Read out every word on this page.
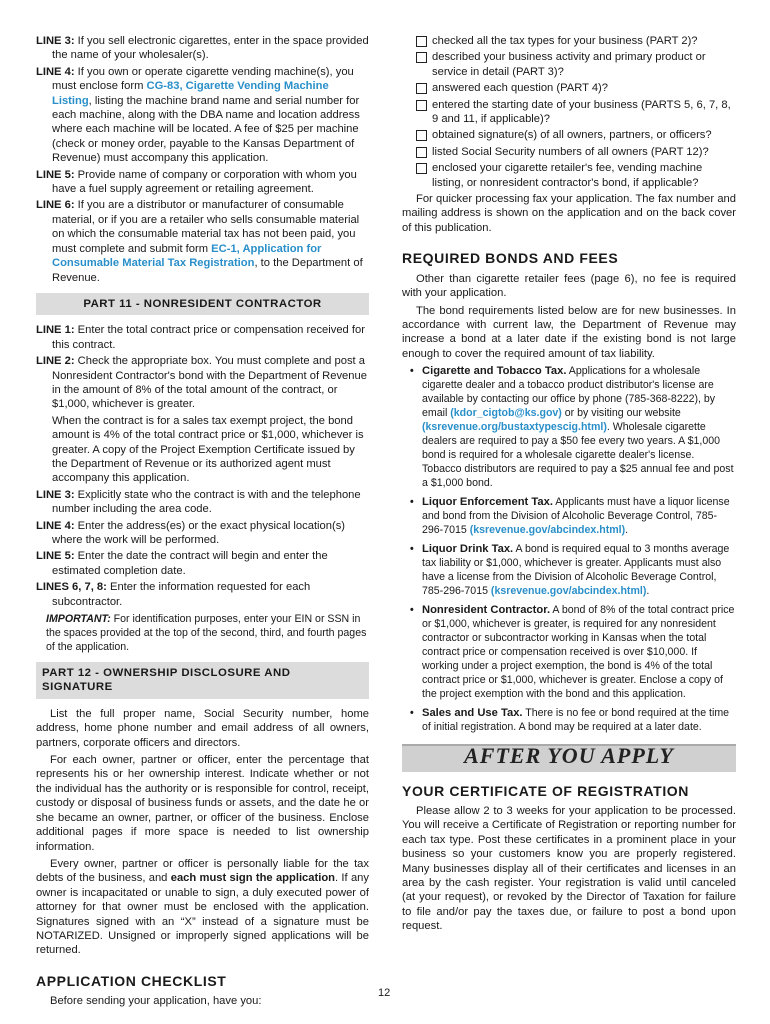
LINE 3: If you sell electronic cigarettes, enter in the space provided the name of your wholesaler(s).

LINE 4: If you own or operate cigarette vending machine(s), you must enclose form CG-83, Cigarette Vending Machine Listing, listing the machine brand name and serial number for each machine, along with the DBA name and location address where each machine will be located. A fee of $25 per machine (check or money order, payable to the Kansas Department of Revenue) must accompany this application.

LINE 5: Provide name of company or corporation with whom you have a fuel supply agreement or retailing agreement.

LINE 6: If you are a distributor or manufacturer of consumable material, or if you are a retailer who sells consumable material on which the consumable material tax has not been paid, you must complete and submit form EC-1, Application for Consumable Material Tax Registration, to the Department of Revenue.

PART 11 - NONRESIDENT CONTRACTOR

LINE 1: Enter the total contract price or compensation received for this contract.

LINE 2: Check the appropriate box. You must complete and post a Nonresident Contractor's bond with the Department of Revenue in the amount of 8% of the total amount of the contract, or $1,000, whichever is greater.

When the contract is for a sales tax exempt project, the bond amount is 4% of the total contract price or $1,000, whichever is greater. A copy of the Project Exemption Certificate issued by the Department of Revenue or its authorized agent must accompany this application.

LINE 3: Explicitly state who the contract is with and the telephone number including the area code.

LINE 4: Enter the address(es) or the exact physical location(s) where the work will be performed.

LINE 5: Enter the date the contract will begin and enter the estimated completion date.

LINES 6, 7, 8: Enter the information requested for each subcontractor.

IMPORTANT: For identification purposes, enter your EIN or SSN in the spaces provided at the top of the second, third, and fourth pages of the application.

PART 12 - OWNERSHIP DISCLOSURE AND SIGNATURE

List the full proper name, Social Security number, home address, home phone number and email address of all owners, partners, corporate officers and directors.

For each owner, partner or officer, enter the percentage that represents his or her ownership interest. Indicate whether or not the individual has the authority or is responsible for control, receipt, custody or disposal of business funds or assets, and the date he or she became an owner, partner, or officer of the business. Enclose additional pages if more space is needed to list ownership information.

Every owner, partner or officer is personally liable for the tax debts of the business, and each must sign the application. If any owner is incapacitated or unable to sign, a duly executed power of attorney for that owner must be enclosed with the application. Signatures signed with an “X” instead of a signature must be NOTARIZED. Unsigned or improperly signed applications will be returned.

APPLICATION CHECKLIST

Before sending your application, have you:

checked all the tax types for your business (PART 2)?

described your business activity and primary product or service in detail (PART 3)?

answered each question (PART 4)?

entered the starting date of your business (PARTS 5, 6, 7, 8, 9 and 11, if applicable)?

obtained signature(s) of all owners, partners, or officers?

listed Social Security numbers of all owners (PART 12)?

enclosed your cigarette retailer's fee, vending machine listing, or nonresident contractor's bond, if applicable?

For quicker processing fax your application. The fax number and mailing address is shown on the application and on the back cover of this publication.

REQUIRED BONDS AND FEES

Other than cigarette retailer fees (page 6), no fee is required with your application.

The bond requirements listed below are for new businesses. In accordance with current law, the Department of Revenue may increase a bond at a later date if the existing bond is not large enough to cover the required amount of tax liability.

• Cigarette and Tobacco Tax. Applications for a wholesale cigarette dealer and a tobacco product distributor's license are available by contacting our office by phone (785-368-8222), by email (kdor_cigtob@ks.gov) or by visiting our website (ksrevenue.org/bustaxtypescig.html). Wholesale cigarette dealers are required to pay a $50 fee every two years. A $1,000 bond is required for a wholesale cigarette dealer's license. Tobacco distributors are required to pay a $25 annual fee and post a $1,000 bond.
• Liquor Enforcement Tax. Applicants must have a liquor license and bond from the Division of Alcoholic Beverage Control, 785-296-7015 (ksrevenue.gov/abcindex.html).
• Liquor Drink Tax. A bond is required equal to 3 months average tax liability or $1,000, whichever is greater. Applicants must also have a license from the Division of Alcoholic Beverage Control, 785-296-7015 (ksrevenue.gov/abcindex.html).
• Nonresident Contractor. A bond of 8% of the total contract price or $1,000, whichever is greater, is required for any nonresident contractor or subcontractor working in Kansas when the total contract price or compensation received is over $10,000. If working under a project exemption, the bond is 4% of the total contract price or $1,000, whichever is greater. Enclose a copy of the project exemption with the bond and this application.
• Sales and Use Tax. There is no fee or bond required at the time of initial registration. A bond may be required at a later date.
AFTER YOU APPLY
YOUR CERTIFICATE OF REGISTRATION

Please allow 2 to 3 weeks for your application to be processed. You will receive a Certificate of Registration or reporting number for each tax type. Post these certificates in a prominent place in your business so your customers know you are properly registered. Many businesses display all of their certificates and licenses in an area by the cash register. Your registration is valid until canceled (at your request), or revoked by the Director of Taxation for failure to file and/or pay the taxes due, or failure to post a bond upon request.

12
